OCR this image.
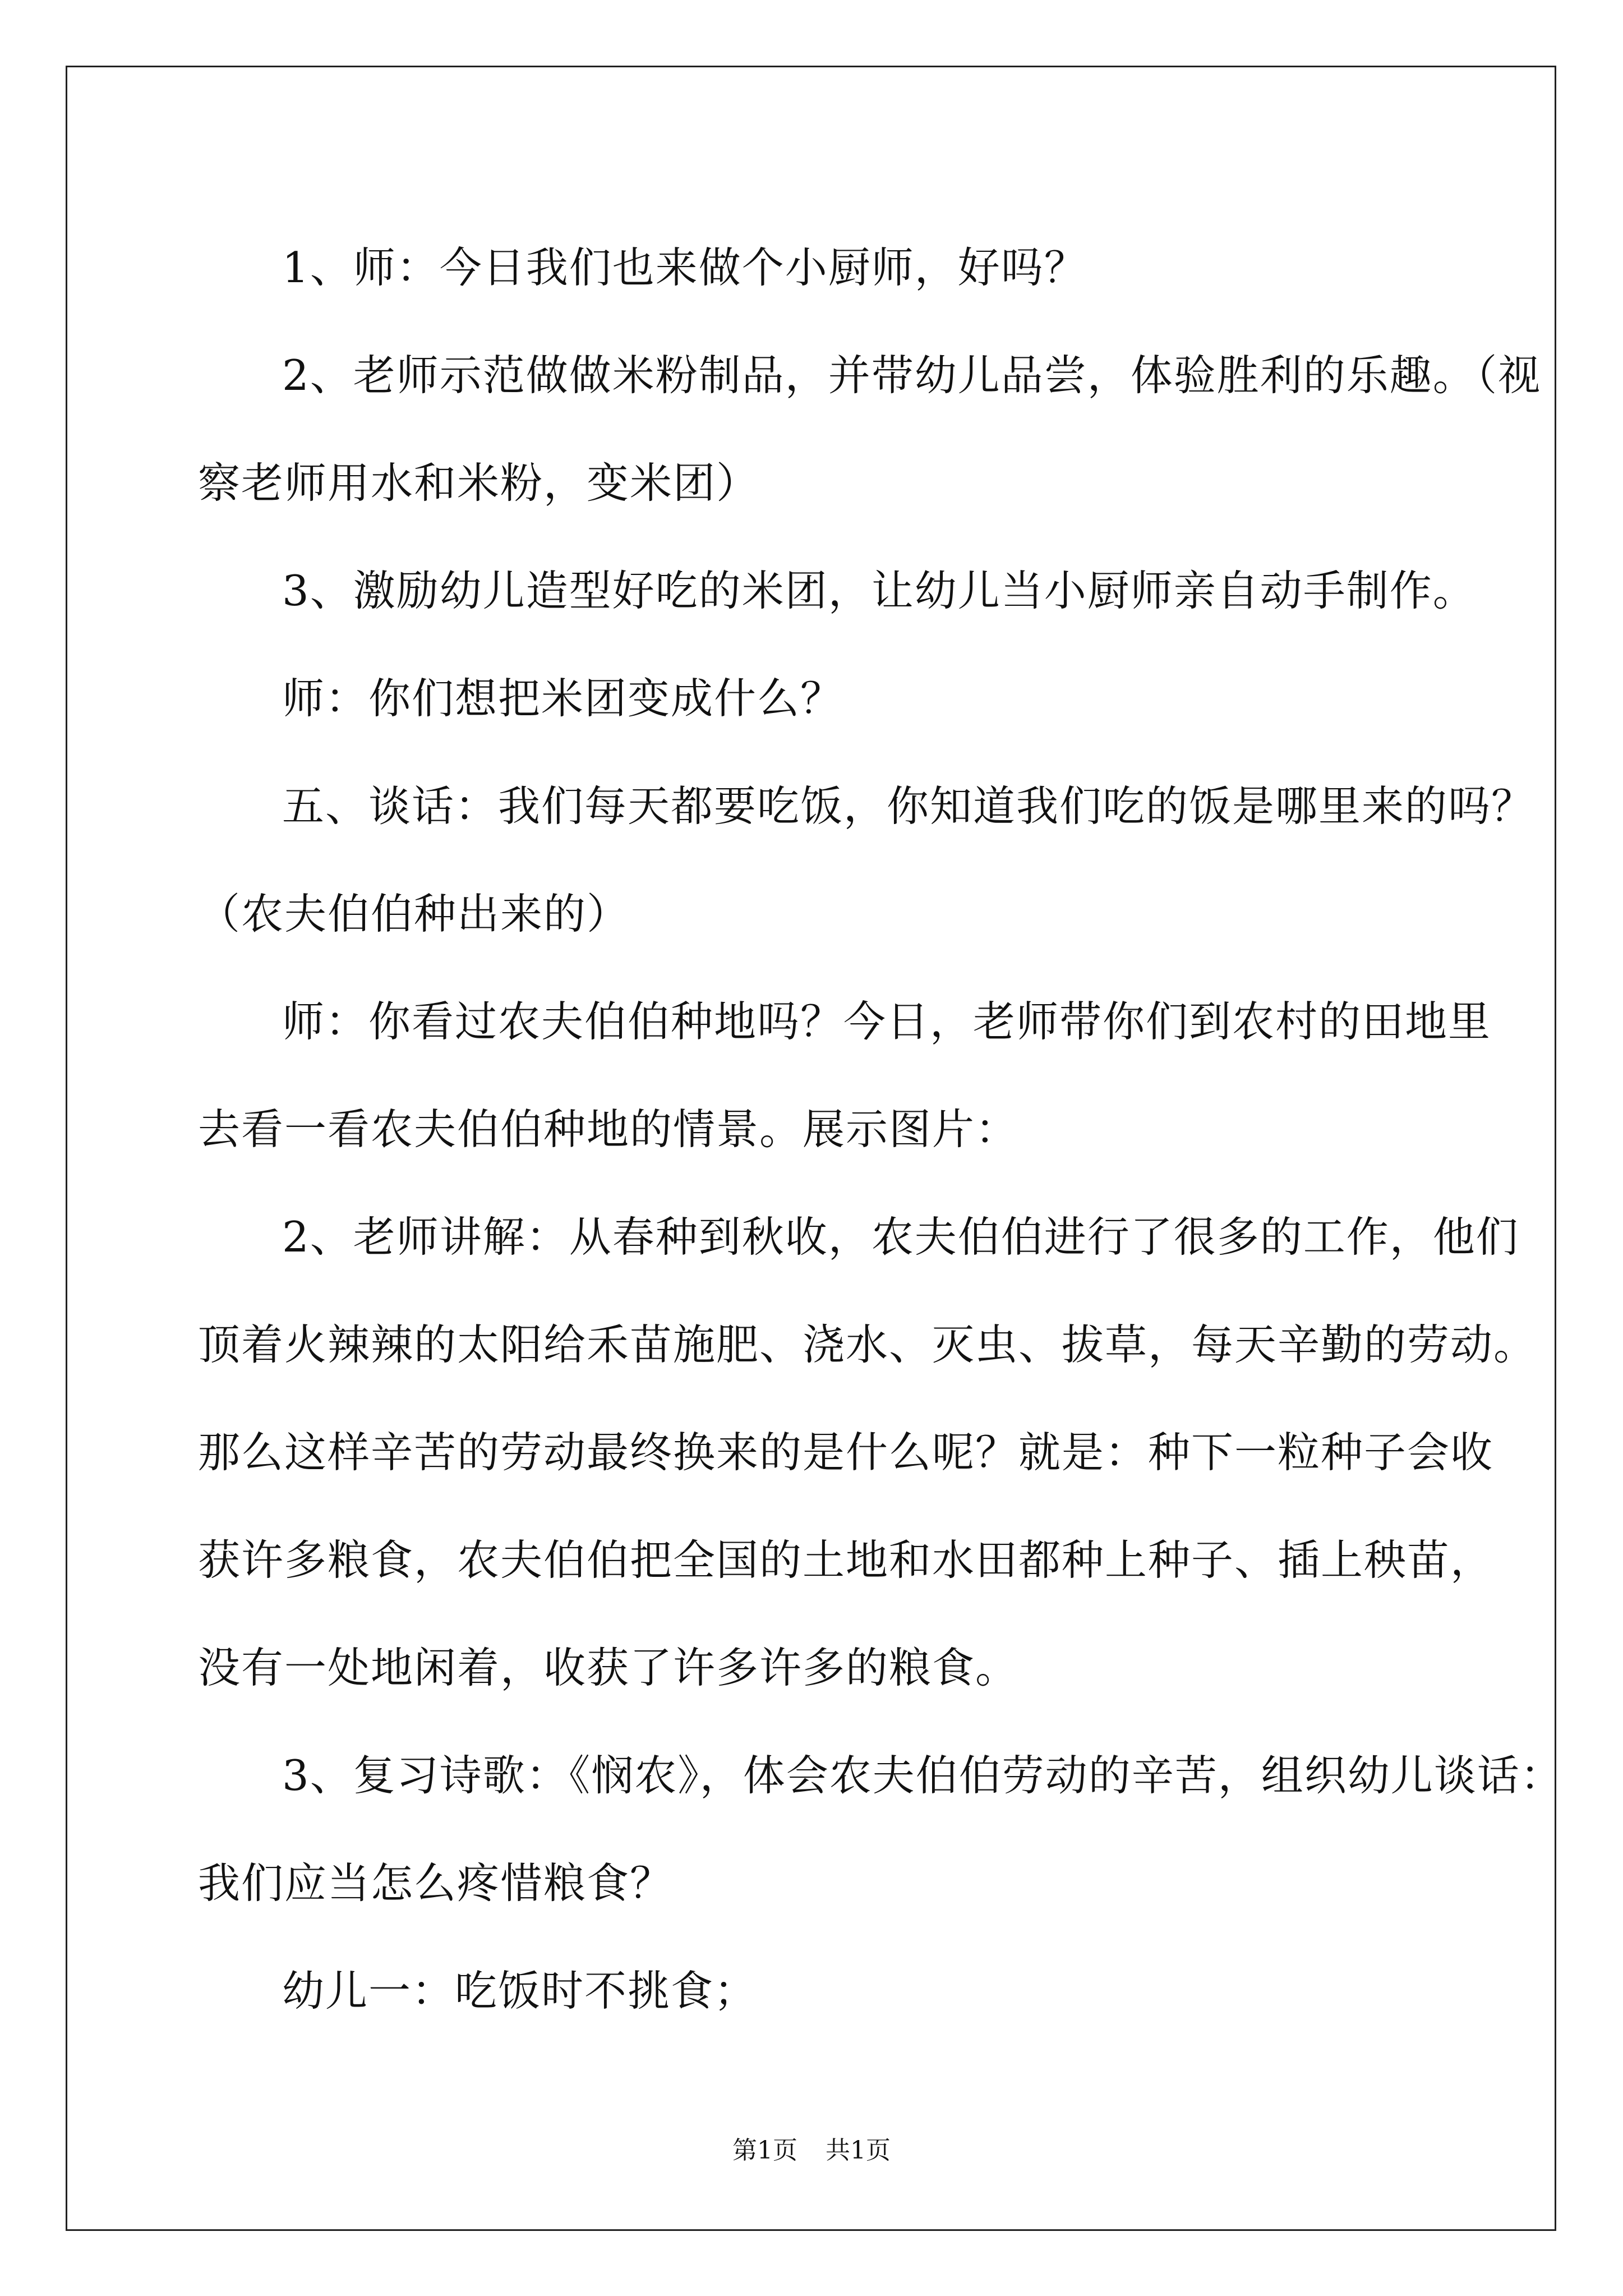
1、师：今日我们也来做个小厨师，好吗？

2、老师示范做做米粉制品，并带幼儿品尝，体验胜利的乐趣。（视

察老师用水和米粉，变米团）

3、激励幼儿造型好吃的米团，让幼儿当小厨师亲自动手制作。

师：你们想把米团变成什么？

五、谈话：我们每天都要吃饭，你知道我们吃的饭是哪里来的吗？

（农夫伯伯种出来的）

师：你看过农夫伯伯种地吗？今日，老师带你们到农村的田地里

去看一看农夫伯伯种地的情景。展示图片：

2、老师讲解：从春种到秋收，农夫伯伯进行了很多的工作，他们

顶着火辣辣的太阳给禾苗施肥、浇水、灭虫、拔草，每天辛勤的劳动。

那么这样辛苦的劳动最终换来的是什么呢？就是：种下一粒种子会收

获许多粮食，农夫伯伯把全国的土地和水田都种上种子、插上秧苗，

没有一处地闲着，收获了许多许多的粮食。

3、复习诗歌：《悯农》，体会农夫伯伯劳动的辛苦，组织幼儿谈话：

我们应当怎么疼惜粮食？

幼儿一：吃饭时不挑食；

第1页 共1页
